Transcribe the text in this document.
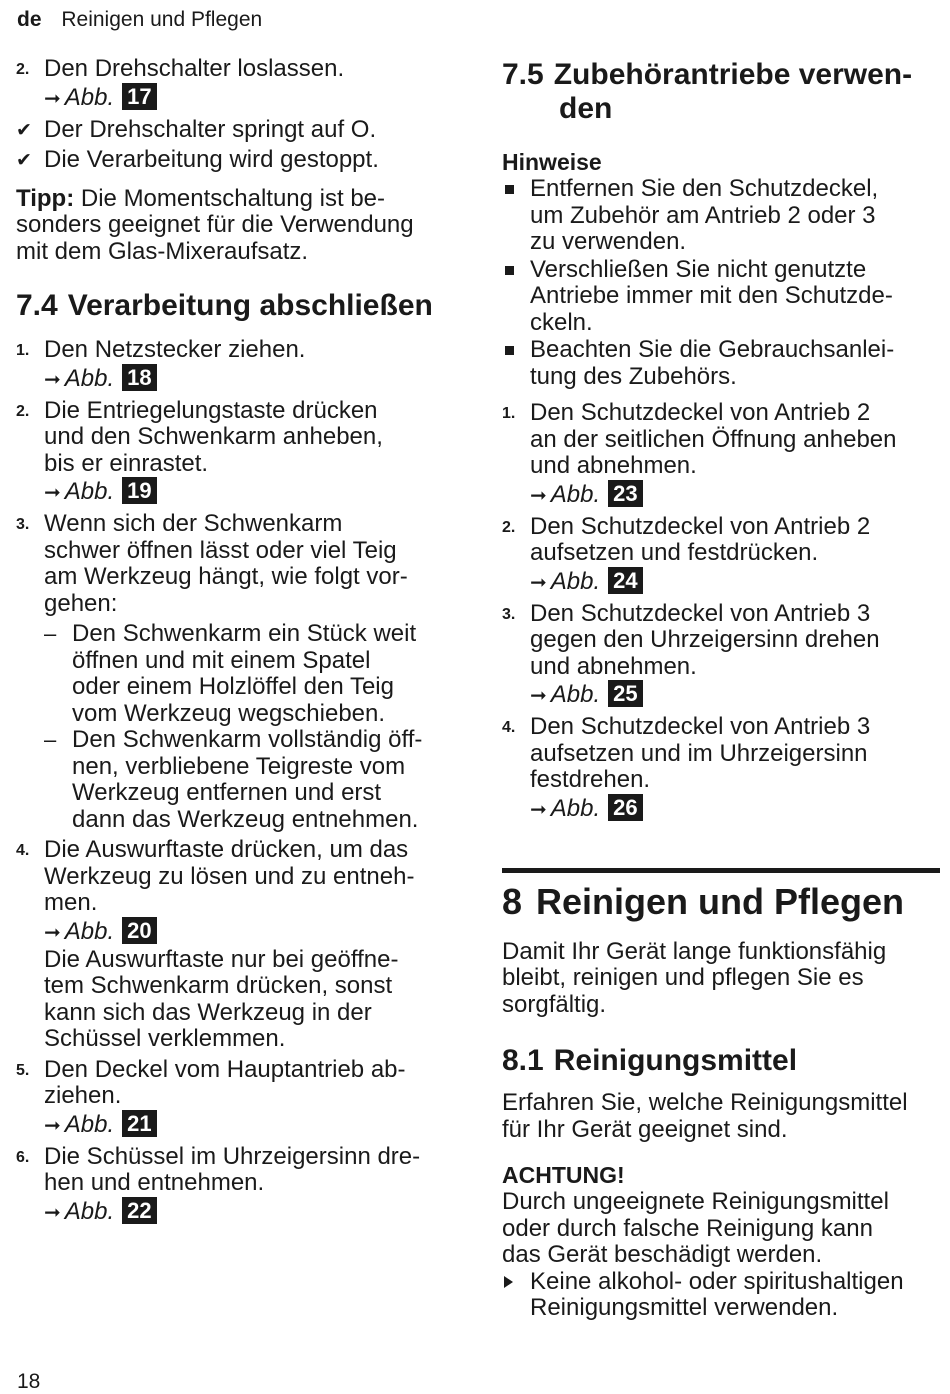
de Reinigen und Pflegen
2. Den Drehschalter loslassen.
➞ Abb. 17
✔ Der Drehschalter springt auf O.
✔ Die Verarbeitung wird gestoppt.
Tipp: Die Momentschaltung ist be-
sonders geeignet für die Verwendung
mit dem Glas-Mixeraufsatz.
7.4 Verarbeitung abschließen
1. Den Netzstecker ziehen.
➞ Abb. 18
2. Die Entriegelungstaste drücken
und den Schwenkarm anheben,
bis er einrastet.
➞ Abb. 19
3. Wenn sich der Schwenkarm
schwer öffnen lässt oder viel Teig
am Werkzeug hängt, wie folgt vor-
gehen:
– Den Schwenkarm ein Stück weit
öffnen und mit einem Spatel
oder einem Holzlöffel den Teig
vom Werkzeug wegschieben.
– Den Schwenkarm vollständig öff-
nen, verbliebene Teigreste vom
Werkzeug entfernen und erst
dann das Werkzeug entnehmen.
4. Die Auswurftaste drücken, um das
Werkzeug zu lösen und zu entneh-
men.
➞ Abb. 20
Die Auswurftaste nur bei geöffne-
tem Schwenkarm drücken, sonst
kann sich das Werkzeug in der
Schüssel verklemmen.
5. Den Deckel vom Hauptantrieb ab-
ziehen.
➞ Abb. 21
6. Die Schüssel im Uhrzeigersinn dre-
hen und entnehmen.
➞ Abb. 22
7.5 Zubehörantriebe verwen-
den
Hinweise
Entfernen Sie den Schutzdeckel,
um Zubehör am Antrieb 2 oder 3
zu verwenden.
Verschließen Sie nicht genutzte
Antriebe immer mit den Schutzde-
ckeln.
Beachten Sie die Gebrauchsanlei-
tung des Zubehörs.
1. Den Schutzdeckel von Antrieb 2
an der seitlichen Öffnung anheben
und abnehmen.
➞ Abb. 23
2. Den Schutzdeckel von Antrieb 2
aufsetzen und festdrücken.
➞ Abb. 24
3. Den Schutzdeckel von Antrieb 3
gegen den Uhrzeigersinn drehen
und abnehmen.
➞ Abb. 25
4. Den Schutzdeckel von Antrieb 3
aufsetzen und im Uhrzeigersinn
festdrehen.
➞ Abb. 26
8 Reinigen und Pflegen
Damit Ihr Gerät lange funktionsfähig
bleibt, reinigen und pflegen Sie es
sorgfältig.
8.1 Reinigungsmittel
Erfahren Sie, welche Reinigungsmittel
für Ihr Gerät geeignet sind.
ACHTUNG!
Durch ungeeignete Reinigungsmittel
oder durch falsche Reinigung kann
das Gerät beschädigt werden.
Keine alkohol- oder spiritushaltigen
Reinigungsmittel verwenden.
18
